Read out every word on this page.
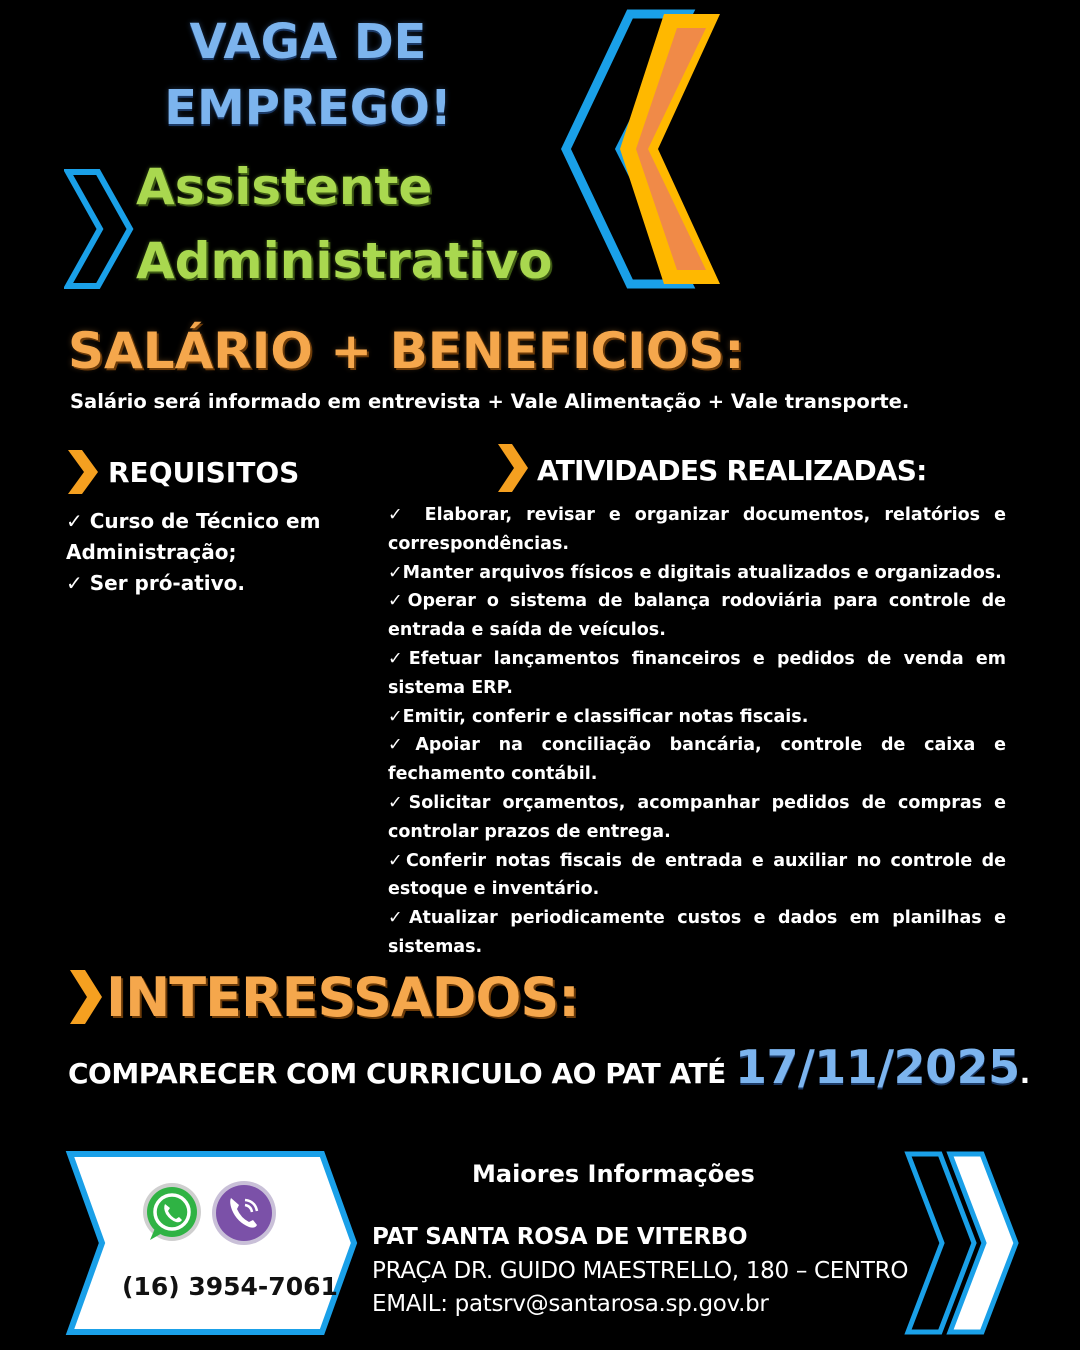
VAGA DE
EMPREGO!
Assistente
Administrativo
SALÁRIO + BENEFICIOS:
Salário será informado em entrevista + Vale Alimentação + Vale transporte.
REQUISITOS
✓ Curso de Técnico em Administração;
✓ Ser pró-ativo.
ATIVIDADES REALIZADAS:
✓ Elaborar, revisar e organizar documentos, relatórios e correspondências.
✓Manter arquivos físicos e digitais atualizados e organizados.
✓Operar o sistema de balança rodoviária para controle de entrada e saída de veículos.
✓Efetuar lançamentos financeiros e pedidos de venda em sistema ERP.
✓Emitir, conferir e classificar notas fiscais.
✓Apoiar na conciliação bancária, controle de caixa e fechamento contábil.
✓Solicitar orçamentos, acompanhar pedidos de compras e controlar prazos de entrega.
✓Conferir notas fiscais de entrada e auxiliar no controle de estoque e inventário.
✓Atualizar periodicamente custos e dados em planilhas e sistemas.
INTERESSADOS:
COMPARECER COM CURRICULO AO PAT ATÉ 17/11/2025.
(16) 3954-7061
Maiores Informações
PAT SANTA ROSA DE VITERBO
PRAÇA DR. GUIDO MAESTRELLO, 180 – CENTRO
EMAIL: patsrv@santarosa.sp.gov.br
